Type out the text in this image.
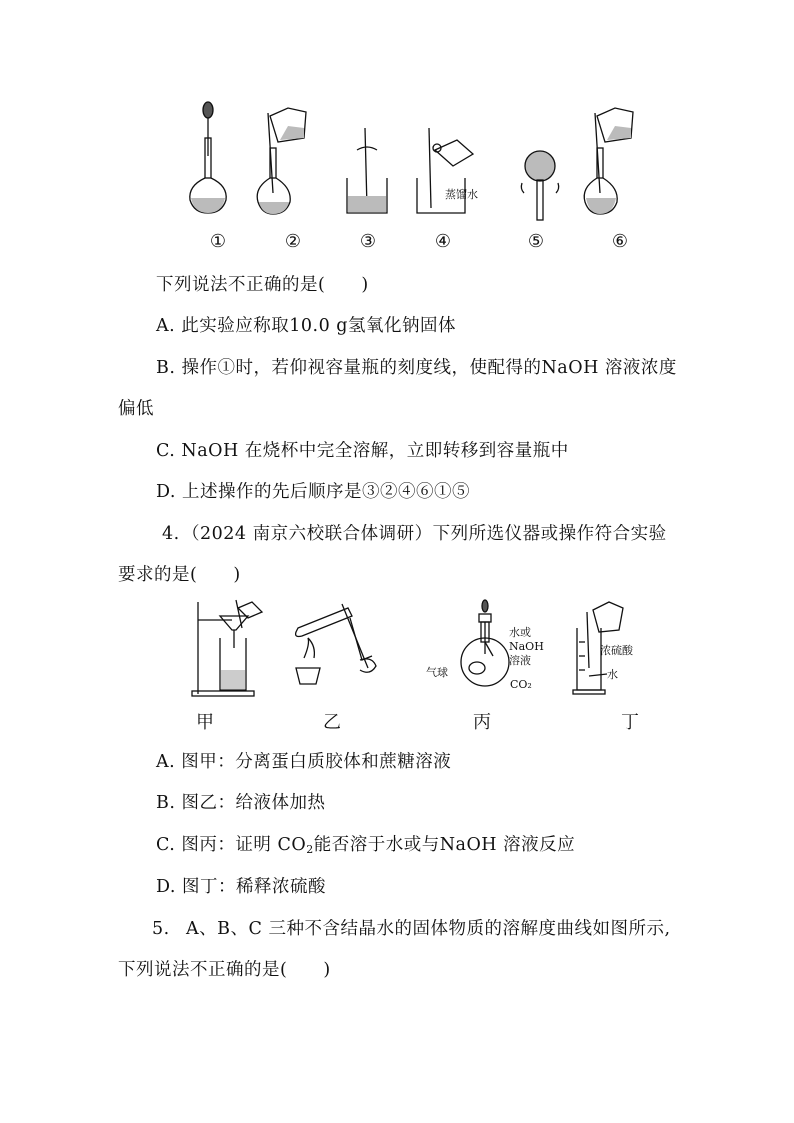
蒸馏水
①	②	③	④	⑤	⑥
下列说法不正确的是(　　)
A. 此实验应称取10.0 g氢氧化钠固体
B. 操作①时，若仰视容量瓶的刻度线，使配得的NaOH 溶液浓度
偏低
C. NaOH 在烧杯中完全溶解，立即转移到容量瓶中
D. 上述操作的先后顺序是③②④⑥①⑤
4. （2024 南京六校联合体调研）下列所选仪器或操作符合实验
要求的是(　　)
水或
NaOH
溶液
气球
CO₂
浓硫酸
水
甲	乙	丙	丁
A. 图甲：分离蛋白质胶体和蔗糖溶液
B. 图乙：给液体加热
C. 图丙：证明 $CO_2$能否溶于水或与NaOH 溶液反应
D. 图丁：稀释浓硫酸
5. A、B、C 三种不含结晶水的固体物质的溶解度曲线如图所示,
下列说法不正确的是(　　)
